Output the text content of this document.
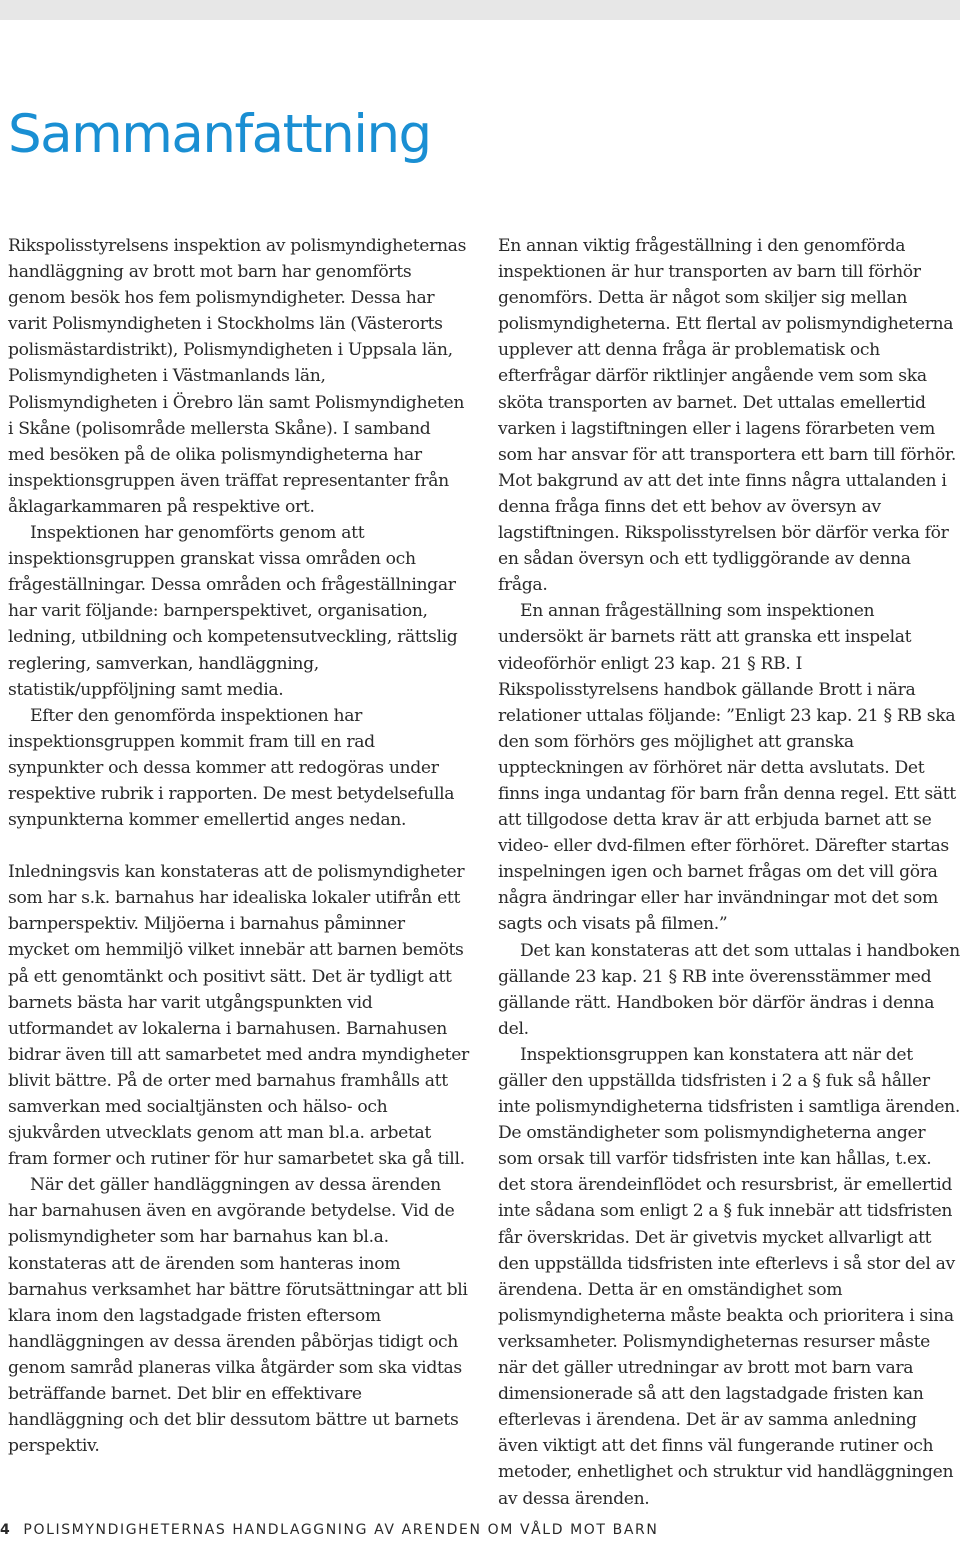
Sammanfattning

Rikspolisstyrelsens inspektion av polismyndigheternas handläggning av brott mot barn har genomförts genom besök hos fem polismyndigheter. Dessa har varit Polismyndigheten i Stockholms län (Västerorts polismästardistrikt), Polismyndigheten i Uppsala län, Polismyndigheten i Västmanlands län, Polismyndigheten i Örebro län samt Polismyndigheten i Skåne (polisområde mellersta Skåne). I samband med besöken på de olika polismyndigheterna har inspektionsgruppen även träffat representanter från åklagarkammaren på respektive ort.

Inspektionen har genomförts genom att inspektionsgruppen granskat vissa områden och frågeställningar. Dessa områden och frågeställningar har varit följande: barnperspektivet, organisation, ledning, utbildning och kompetensutveckling, rättslig reglering, samverkan, handläggning, statistik/uppföljning samt media.

Efter den genomförda inspektionen har inspektionsgruppen kommit fram till en rad synpunkter och dessa kommer att redogöras under respektive rubrik i rapporten. De mest betydelsefulla synpunkterna kommer emellertid anges nedan.

Inledningsvis kan konstateras att de polismyndigheter som har s.k. barnahus har idealiska lokaler utifrån ett barnperspektiv. Miljöerna i barnahus påminner mycket om hemmiljö vilket innebär att barnen bemöts på ett genomtänkt och positivt sätt. Det är tydligt att barnets bästa har varit utgångspunkten vid utformandet av lokalerna i barnahusen. Barnahusen bidrar även till att samarbetet med andra myndigheter blivit bättre. På de orter med barnahus framhålls att samverkan med socialtjänsten och hälso- och sjukvården utvecklats genom att man bl.a. arbetat fram former och rutiner för hur samarbetet ska gå till.

När det gäller handläggningen av dessa ärenden har barnahusen även en avgörande betydelse. Vid de polismyndigheter som har barnahus kan bl.a. konstateras att de ärenden som hanteras inom barnahus verksamhet har bättre förutsättningar att bli klara inom den lagstadgade fristen eftersom handläggningen av dessa ärenden påbörjas tidigt och genom samråd planeras vilka åtgärder som ska vidtas beträffande barnet. Det blir en effektivare handläggning och det blir dessutom bättre ut barnets perspektiv.

En annan viktig frågeställning i den genomförda inspektionen är hur transporten av barn till förhör genomförs. Detta är något som skiljer sig mellan polismyndigheterna. Ett flertal av polismyndigheterna upplever att denna fråga är problematisk och efterfrågar därför riktlinjer angående vem som ska sköta transporten av barnet. Det uttalas emellertid varken i lagstiftningen eller i lagens förarbeten vem som har ansvar för att transportera ett barn till förhör. Mot bakgrund av att det inte finns några uttalanden i denna fråga finns det ett behov av översyn av lagstiftningen. Rikspolisstyrelsen bör därför verka för en sådan översyn och ett tydliggörande av denna fråga.

En annan frågeställning som inspektionen undersökt är barnets rätt att granska ett inspelat videoförhör enligt 23 kap. 21 § RB. I Rikspolisstyrelsens handbok gällande Brott i nära relationer uttalas följande: ”Enligt 23 kap. 21 § RB ska den som förhörs ges möjlighet att granska uppteckningen av förhöret när detta avslutats. Det finns inga undantag för barn från denna regel. Ett sätt att tillgodose detta krav är att erbjuda barnet att se video- eller dvd-filmen efter förhöret. Därefter startas inspelningen igen och barnet frågas om det vill göra några ändringar eller har invändningar mot det som sagts och visats på filmen.”

Det kan konstateras att det som uttalas i handboken gällande 23 kap. 21 § RB inte överensstämmer med gällande rätt. Handboken bör därför ändras i denna del.

Inspektionsgruppen kan konstatera att när det gäller den uppställda tidsfristen i 2 a § fuk så håller inte polismyndigheterna tidsfristen i samtliga ärenden. De omständigheter som polismyndigheterna anger som orsak till varför tidsfristen inte kan hållas, t.ex. det stora ärendeinflödet och resursbrist, är emellertid inte sådana som enligt 2 a § fuk innebär att tidsfristen får överskridas. Det är givetvis mycket allvarligt att den uppställda tidsfristen inte efterlevs i så stor del av ärendena. Detta är en omständighet som polismyndigheterna måste beakta och prioritera i sina verksamheter. Polismyndigheternas resurser måste när det gäller utredningar av brott mot barn vara dimensionerade så att den lagstadgade fristen kan efterlevas i ärendena. Det är av samma anledning även viktigt att det finns väl fungerande rutiner och metoder, enhetlighet och struktur vid handläggningen av dessa ärenden.

4 POLISMYNDIGHETERNAS HANDLAGGNING AV ARENDEN OM VÅLD MOT BARN
